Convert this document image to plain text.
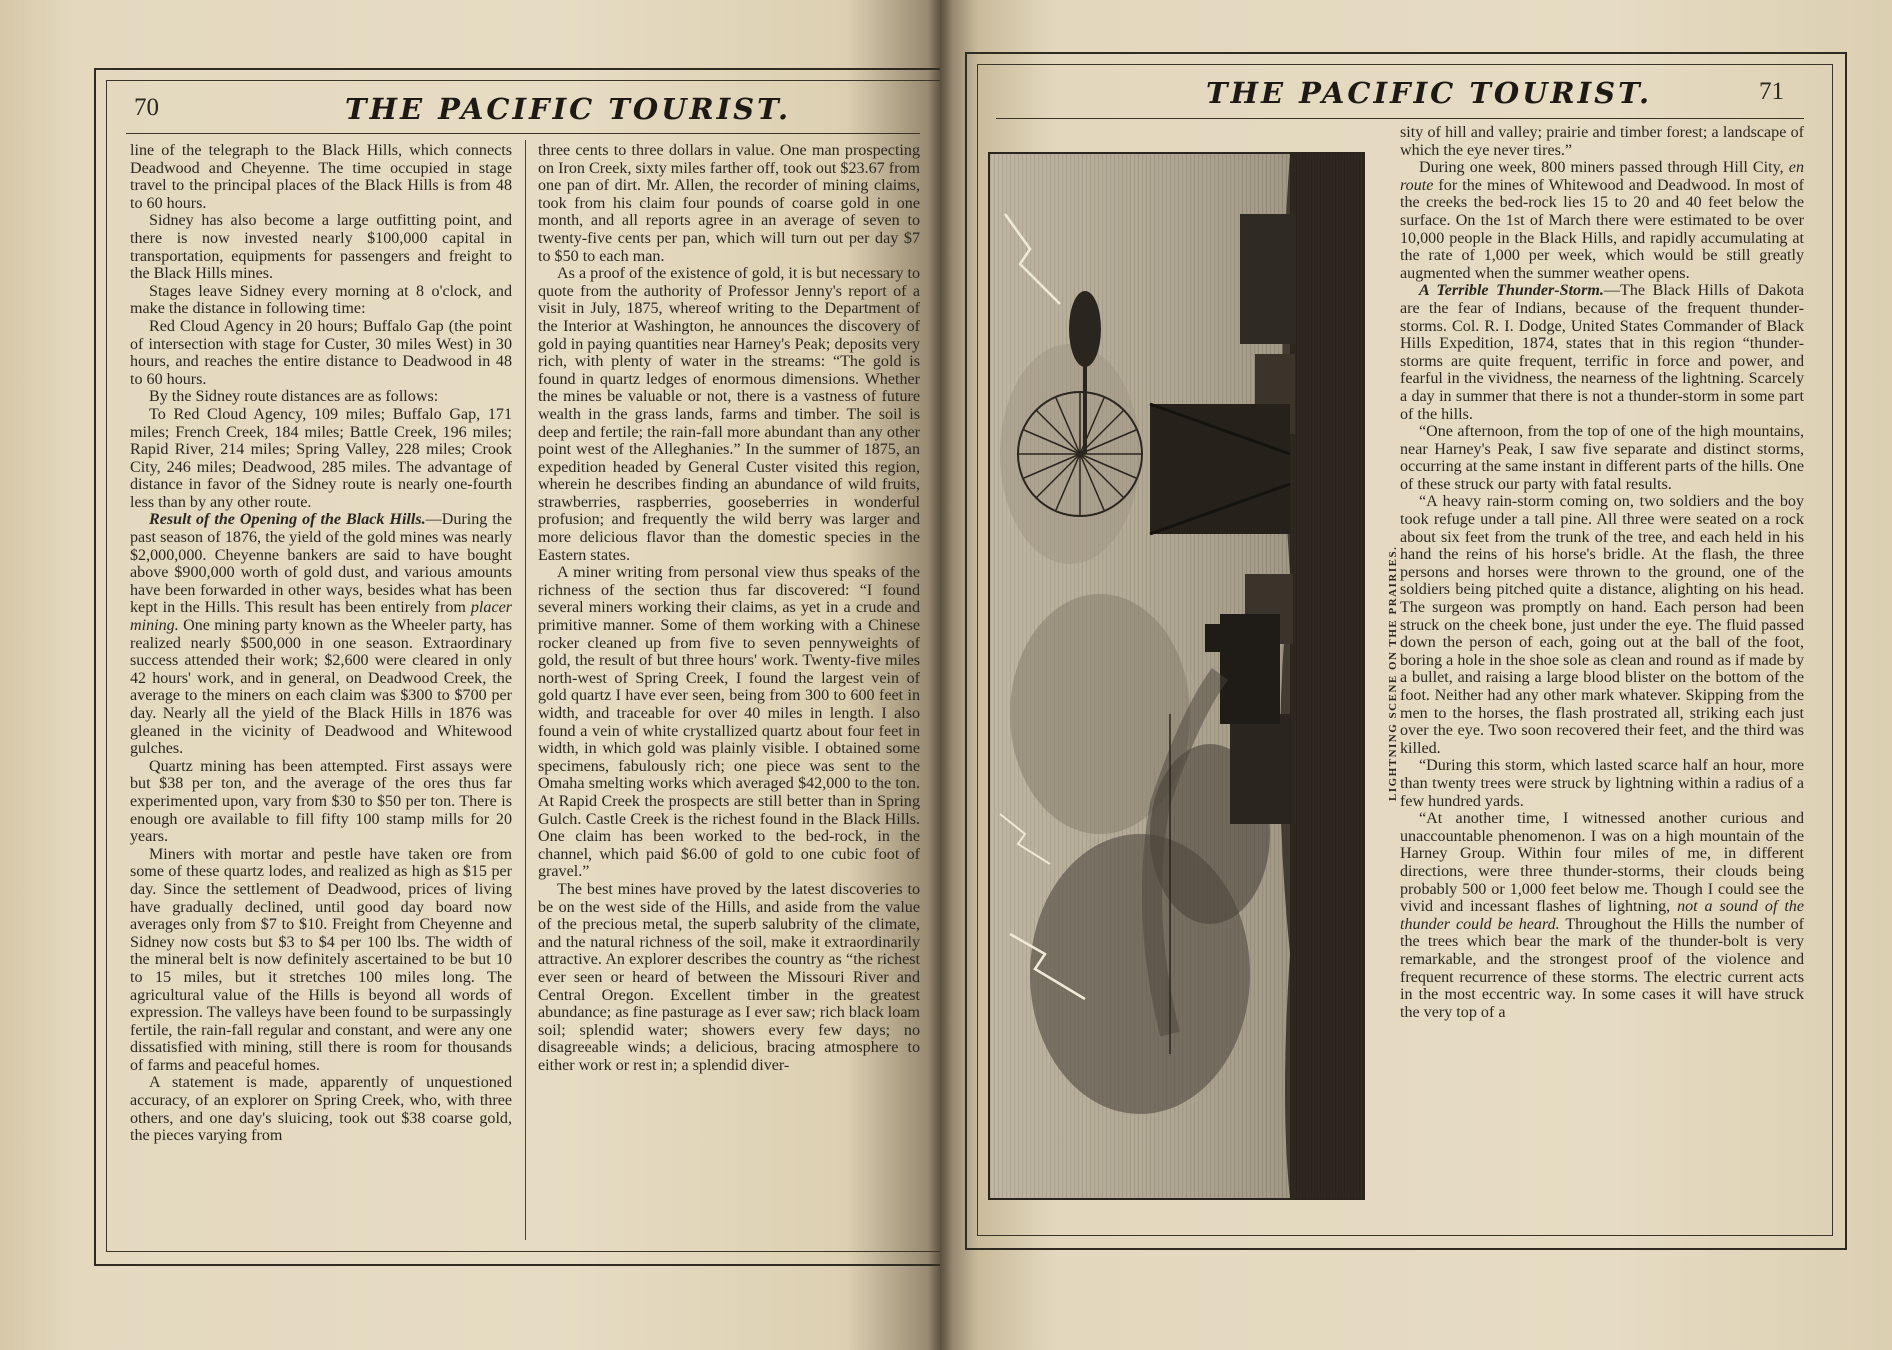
70	THE PACIFIC TOURIST.

line of the telegraph to the Black Hills, which connects Deadwood and Cheyenne. The time occupied in stage travel to the principal places of the Black Hills is from 48 to 60 hours.

Sidney has also become a large outfitting point, and there is now invested nearly $100,000 capital in transportation, equipments for passengers and freight to the Black Hills mines.

Stages leave Sidney every morning at 8 o'clock, and make the distance in following time:

Red Cloud Agency in 20 hours; Buffalo Gap (the point of intersection with stage for Custer, 30 miles West) in 30 hours, and reaches the entire distance to Deadwood in 48 to 60 hours.

By the Sidney route distances are as follows:

To Red Cloud Agency, 109 miles; Buffalo Gap, 171 miles; French Creek, 184 miles; Battle Creek, 196 miles; Rapid River, 214 miles; Spring Valley, 228 miles; Crook City, 246 miles; Deadwood, 285 miles. The advantage of distance in favor of the Sidney route is nearly one-fourth less than by any other route.

Result of the Opening of the Black Hills.—During the past season of 1876, the yield of the gold mines was nearly $2,000,000. Cheyenne bankers are said to have bought above $900,000 worth of gold dust, and various amounts have been forwarded in other ways, besides what has been kept in the Hills. This result has been entirely from placer mining. One mining party known as the Wheeler party, has realized nearly $500,000 in one season. Extraordinary success attended their work; $2,600 were cleared in only 42 hours' work, and in general, on Deadwood Creek, the average to the miners on each claim was $300 to $700 per day. Nearly all the yield of the Black Hills in 1876 was gleaned in the vicinity of Deadwood and Whitewood gulches.

Quartz mining has been attempted. First assays were but $38 per ton, and the average of the ores thus far experimented upon, vary from $30 to $50 per ton. There is enough ore available to fill fifty 100 stamp mills for 20 years.

Miners with mortar and pestle have taken ore from some of these quartz lodes, and realized as high as $15 per day. Since the settlement of Deadwood, prices of living have gradually declined, until good day board now averages only from $7 to $10. Freight from Cheyenne and Sidney now costs but $3 to $4 per 100 lbs. The width of the mineral belt is now definitely ascertained to be but 10 to 15 miles, but it stretches 100 miles long. The agricultural value of the Hills is beyond all words of expression. The valleys have been found to be surpassingly fertile, the rain-fall regular and constant, and were any one dissatisfied with mining, still there is room for thousands of farms and peaceful homes.

A statement is made, apparently of unquestioned accuracy, of an explorer on Spring Creek, who, with three others, and one day's sluicing, took out $38 coarse gold, the pieces varying from

three cents to three dollars in value. One man prospecting on Iron Creek, sixty miles farther off, took out $23.67 from one pan of dirt. Mr. Allen, the recorder of mining claims, took from his claim four pounds of coarse gold in one month, and all reports agree in an average of seven to twenty-five cents per pan, which will turn out per day $7 to $50 to each man.

As a proof of the existence of gold, it is but necessary to quote from the authority of Professor Jenny's report of a visit in July, 1875, whereof writing to the Department of the Interior at Washington, he announces the discovery of gold in paying quantities near Harney's Peak; deposits very rich, with plenty of water in the streams: “The gold is found in quartz ledges of enormous dimensions. Whether the mines be valuable or not, there is a vastness of future wealth in the grass lands, farms and timber. The soil is deep and fertile; the rain-fall more abundant than any other point west of the Alleghanies.” In the summer of 1875, an expedition headed by General Custer visited this region, wherein he describes finding an abundance of wild fruits, strawberries, raspberries, gooseberries in wonderful profusion; and frequently the wild berry was larger and more delicious flavor than the domestic species in the Eastern states.

A miner writing from personal view thus speaks of the richness of the section thus far discovered: “I found several miners working their claims, as yet in a crude and primitive manner. Some of them working with a Chinese rocker cleaned up from five to seven pennyweights of gold, the result of but three hours' work. Twenty-five miles north-west of Spring Creek, I found the largest vein of gold quartz I have ever seen, being from 300 to 600 feet in width, and traceable for over 40 miles in length. I also found a vein of white crystallized quartz about four feet in width, in which gold was plainly visible. I obtained some specimens, fabulously rich; one piece was sent to the Omaha smelting works which averaged $42,000 to the ton. At Rapid Creek the prospects are still better than in Spring Gulch. Castle Creek is the richest found in the Black Hills. One claim has been worked to the bed-rock, in the channel, which paid $6.00 of gold to one cubic foot of gravel.”

The best mines have proved by the latest discoveries to be on the west side of the Hills, and aside from the value of the precious metal, the superb salubrity of the climate, and the natural richness of the soil, make it extraordinarily attractive. An explorer describes the country as “the richest ever seen or heard of between the Missouri River and Central Oregon. Excellent timber in the greatest abundance; as fine pasturage as I ever saw; rich black loam soil; splendid water; showers every few days; no disagreeable winds; a delicious, bracing atmosphere to either work or rest in; a splendid diver-

THE PACIFIC TOURIST.	71
LIGHTNING SCENE ON THE PRAIRIES.

sity of hill and valley; prairie and timber forest; a landscape of which the eye never tires.”

During one week, 800 miners passed through Hill City, en route for the mines of Whitewood and Deadwood. In most of the creeks the bed-rock lies 15 to 20 and 40 feet below the surface. On the 1st of March there were estimated to be over 10,000 people in the Black Hills, and rapidly accumulating at the rate of 1,000 per week, which would be still greatly augmented when the summer weather opens.

A Terrible Thunder-Storm.—The Black Hills of Dakota are the fear of Indians, because of the frequent thunder-storms. Col. R. I. Dodge, United States Commander of Black Hills Expedition, 1874, states that in this region “thunder-storms are quite frequent, terrific in force and power, and fearful in the vividness, the nearness of the lightning. Scarcely a day in summer that there is not a thunder-storm in some part of the hills.

“One afternoon, from the top of one of the high mountains, near Harney's Peak, I saw five separate and distinct storms, occurring at the same instant in different parts of the hills. One of these struck our party with fatal results.

“A heavy rain-storm coming on, two soldiers and the boy took refuge under a tall pine. All three were seated on a rock about six feet from the trunk of the tree, and each held in his hand the reins of his horse's bridle. At the flash, the three persons and horses were thrown to the ground, one of the soldiers being pitched quite a distance, alighting on his head. The surgeon was promptly on hand. Each person had been struck on the cheek bone, just under the eye. The fluid passed down the person of each, going out at the ball of the foot, boring a hole in the shoe sole as clean and round as if made by a bullet, and raising a large blood blister on the bottom of the foot. Neither had any other mark whatever. Skipping from the men to the horses, the flash prostrated all, striking each just over the eye. Two soon recovered their feet, and the third was killed.

“During this storm, which lasted scarce half an hour, more than twenty trees were struck by lightning within a radius of a few hundred yards.

“At another time, I witnessed another curious and unaccountable phenomenon. I was on a high mountain of the Harney Group. Within four miles of me, in different directions, were three thunder-storms, their clouds being probably 500 or 1,000 feet below me. Though I could see the vivid and incessant flashes of lightning, not a sound of the thunder could be heard. Throughout the Hills the number of the trees which bear the mark of the thunder-bolt is very remarkable, and the strongest proof of the violence and frequent recurrence of these storms. The electric current acts in the most eccentric way. In some cases it will have struck the very top of a
